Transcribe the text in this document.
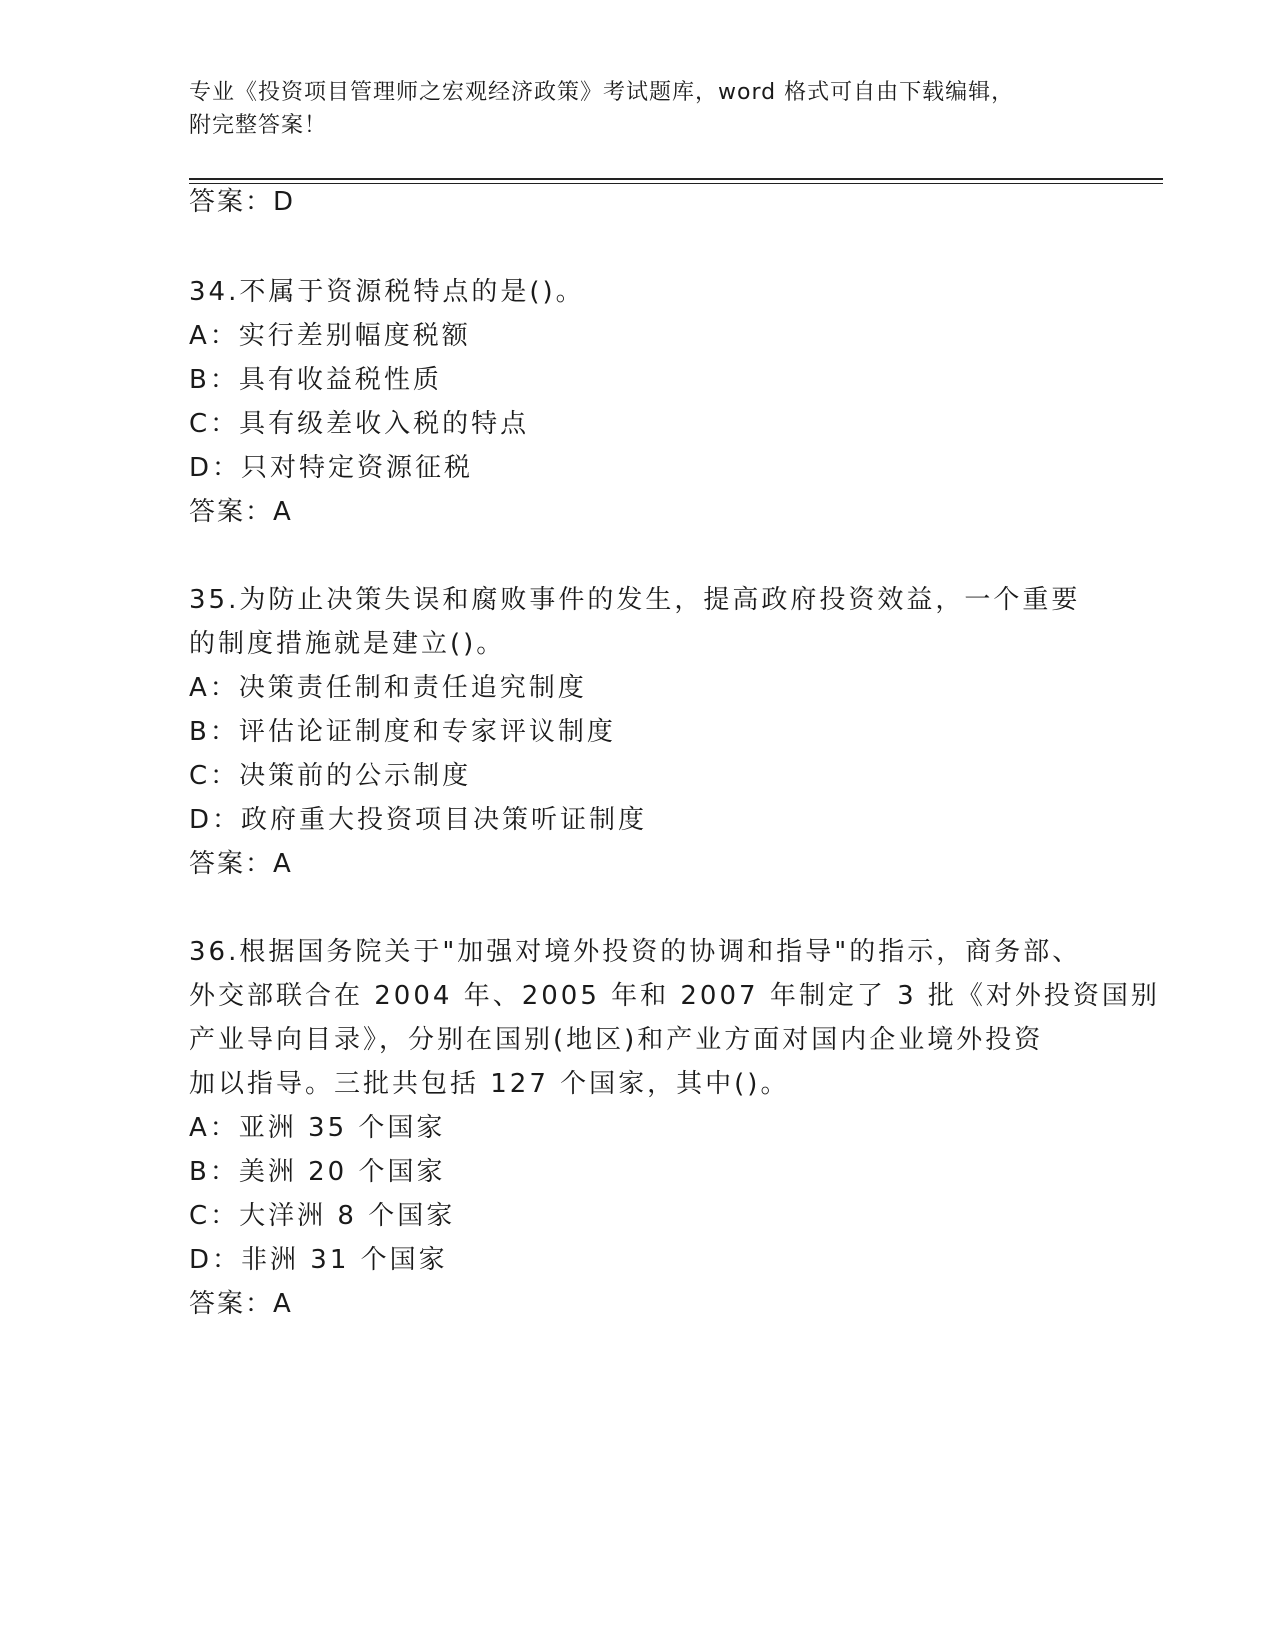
专业《投资项目管理师之宏观经济政策》考试题库，word 格式可自由下载编辑，
附完整答案！
答案：D
34.不属于资源税特点的是()。
A：实行差别幅度税额
B：具有收益税性质
C：具有级差收入税的特点
D：只对特定资源征税
答案：A
35.为防止决策失误和腐败事件的发生，提高政府投资效益，一个重要
的制度措施就是建立()。
A：决策责任制和责任追究制度
B：评估论证制度和专家评议制度
C：决策前的公示制度
D：政府重大投资项目决策听证制度
答案：A
36.根据国务院关于"加强对境外投资的协调和指导"的指示，商务部、
外交部联合在 2004 年、2005 年和 2007 年制定了 3 批《对外投资国别
产业导向目录》，分别在国别(地区)和产业方面对国内企业境外投资
加以指导。三批共包括 127 个国家，其中()。
A：亚洲 35 个国家
B：美洲 20 个国家
C：大洋洲 8 个国家
D：非洲 31 个国家
答案：A
